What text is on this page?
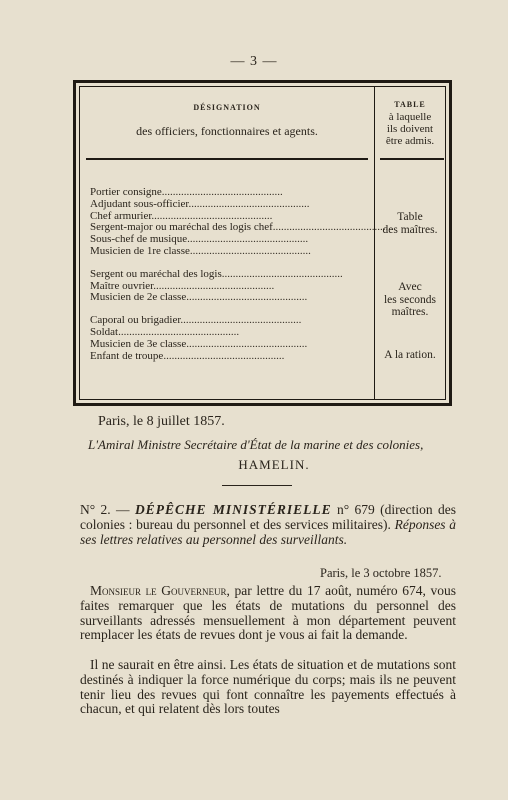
— 3 —
DÉSIGNATION
des officiers, fonctionnaires et agents.
TABLE
à laquelle
ils doivent
être admis.
Portier consigne............................................
Adjudant sous-officier............................................
Chef armurier............................................
Sergent-major ou maréchal des logis chef............................................
Sous-chef de musique............................................
Musicien de 1re classe............................................
Sergent ou maréchal des logis............................................
Maître ouvrier............................................
Musicien de 2e classe............................................
Caporal ou brigadier............................................
Soldat............................................
Musicien de 3e classe............................................
Enfant de troupe............................................
Table
des maîtres.
Avec
les seconds
maîtres.
A la ration.
Paris, le 8 juillet 1857.
L'Amiral Ministre Secrétaire d'État de la marine et des colonies,
HAMELIN.
N° 2. — DÉPÊCHE MINISTÉRIELLE n° 679 (direction des colonies : bureau du personnel et des services militaires). Réponses à ses lettres relatives au personnel des surveillants.
Paris, le 3 octobre 1857.
Monsieur le Gouverneur, par lettre du 17 août, numéro 674, vous faites remarquer que les états de mutations du personnel des surveillants adressés mensuellement à mon département peuvent remplacer les états de revues dont je vous ai fait la demande.
Il ne saurait en être ainsi. Les états de situation et de mutations sont destinés à indiquer la force numérique du corps; mais ils ne peuvent tenir lieu des revues qui font connaître les payements effectués à chacun, et qui relatent dès lors toutes
